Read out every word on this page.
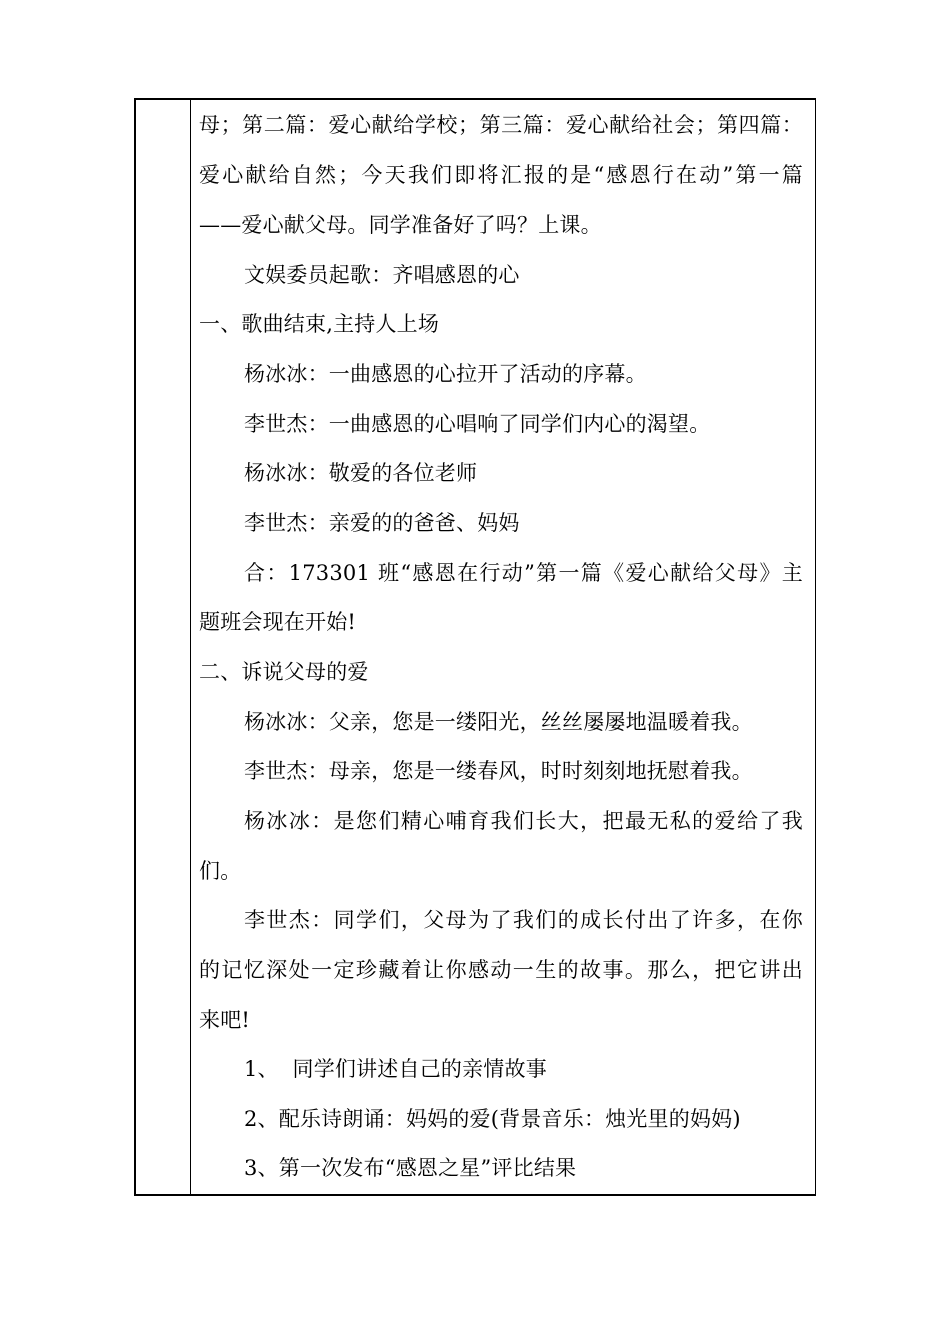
母；第二篇：爱心献给学校；第三篇：爱心献给社会；第四篇：
爱心献给自然；今天我们即将汇报的是“感恩行在动”第一篇
——爱心献父母。同学准备好了吗？上课。
文娱委员起歌：齐唱感恩的心
一、歌曲结束,主持人上场
杨冰冰：一曲感恩的心拉开了活动的序幕。
李世杰：一曲感恩的心唱响了同学们内心的渴望。
杨冰冰：敬爱的各位老师
李世杰：亲爱的的爸爸、妈妈
合：173301 班“感恩在行动”第一篇《爱心献给父母》主
题班会现在开始!
二、诉说父母的爱
杨冰冰：父亲，您是一缕阳光，丝丝屡屡地温暖着我。
李世杰：母亲，您是一缕春风，时时刻刻地抚慰着我。
杨冰冰：是您们精心哺育我们长大，把最无私的爱给了我
们。
李世杰：同学们，父母为了我们的成长付出了许多，在你
的记忆深处一定珍藏着让你感动一生的故事。那么，把它讲出
来吧!
1、  同学们讲述自己的亲情故事
2、配乐诗朗诵：妈妈的爱(背景音乐：烛光里的妈妈)
3、第一次发布“感恩之星”评比结果
